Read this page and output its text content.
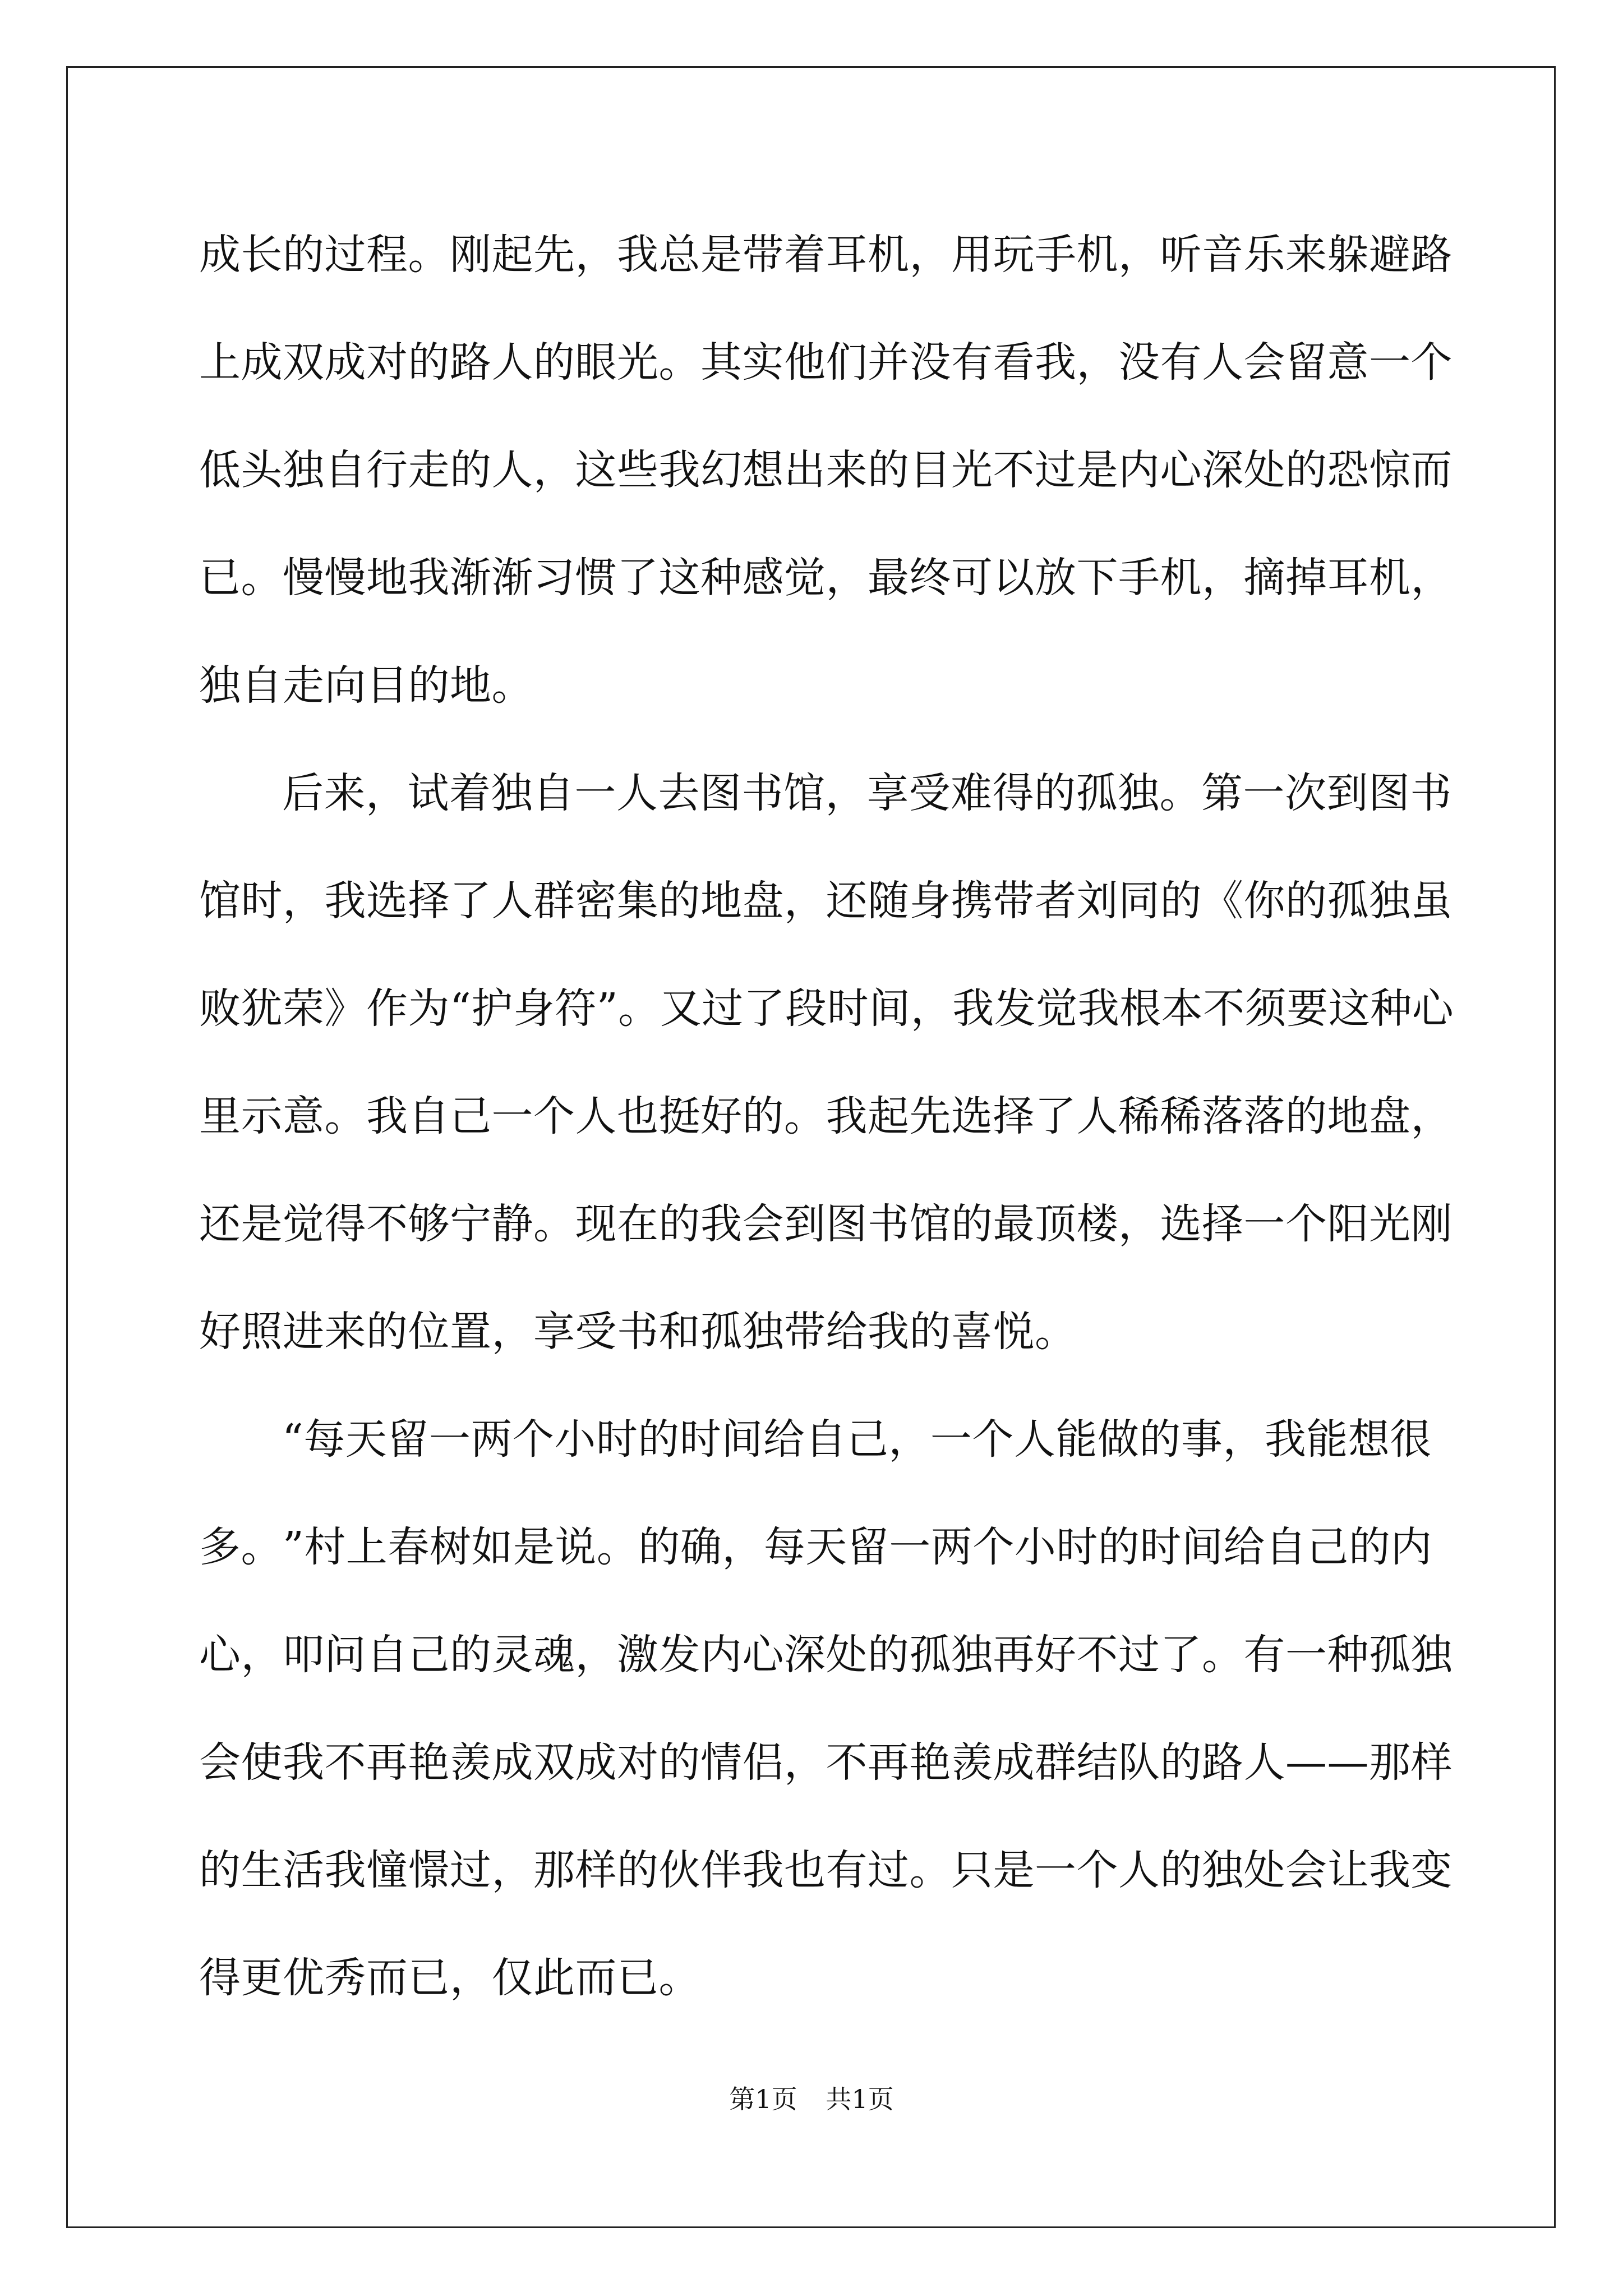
成 长 的 过 程 。 刚 起 先 ， 我 总 是 带 着 耳 机 ， 用 玩 手 机 ， 听 音 乐 来 躲 避 路
上 成 双 成 对 的 路 人 的 眼 光 。 其 实 他 们 并 没 有 看 我 ， 没 有 人 会 留 意 一 个
低 头 独 自 行 走 的 人 ， 这 些 我 幻 想 出 来 的 目 光 不 过 是 内 心 深 处 的 恐 惊 而
已 。 慢 慢 地 我 渐 渐 习 惯 了 这 种 感 觉 ， 最 终 可 以 放 下 手 机 ， 摘 掉 耳 机 ，
独自走向目的地。
后 来 ， 试 着 独 自 一 人 去 图 书 馆 ， 享 受 难 得 的 孤 独 。 第 一 次 到 图 书
馆 时 ， 我 选 择 了 人 群 密 集 的 地 盘 ， 还 随 身 携 带 者 刘 同 的 《 你 的 孤 独 虽
败 犹 荣 》 作 为 “ 护 身 符 ” 。 又 过 了 段 时 间 ， 我 发 觉 我 根 本 不 须 要 这 种 心
里 示 意 。 我 自 己 一 个 人 也 挺 好 的 。 我 起 先 选 择 了 人 稀 稀 落 落 的 地 盘 ，
还 是 觉 得 不 够 宁 静 。 现 在 的 我 会 到 图 书 馆 的 最 顶 楼 ， 选 择 一 个 阳 光 刚
好照进来的位置，享受书和孤独带给我的喜悦。
“ 每 天 留 一 两 个 小 时 的 时 间 给 自 己 ， 一 个 人 能 做 的 事 ， 我 能 想 很
多 。 ” 村 上 春 树 如 是 说 。 的 确 ， 每 天 留 一 两 个 小 时 的 时 间 给 自 己 的 内
心 ， 叩 问 自 己 的 灵 魂 ， 激 发 内 心 深 处 的 孤 独 再 好 不 过 了 。 有 一 种 孤 独
会 使 我 不 再 艳 羡 成 双 成 对 的 情 侣 ， 不 再 艳 羡 成 群 结 队 的 路 人 — — 那 样
的 生 活 我 憧 憬 过 ， 那 样 的 伙 伴 我 也 有 过 。 只 是 一 个 人 的 独 处 会 让 我 变
得更优秀而已，仅此而已。
第1页 共1页
